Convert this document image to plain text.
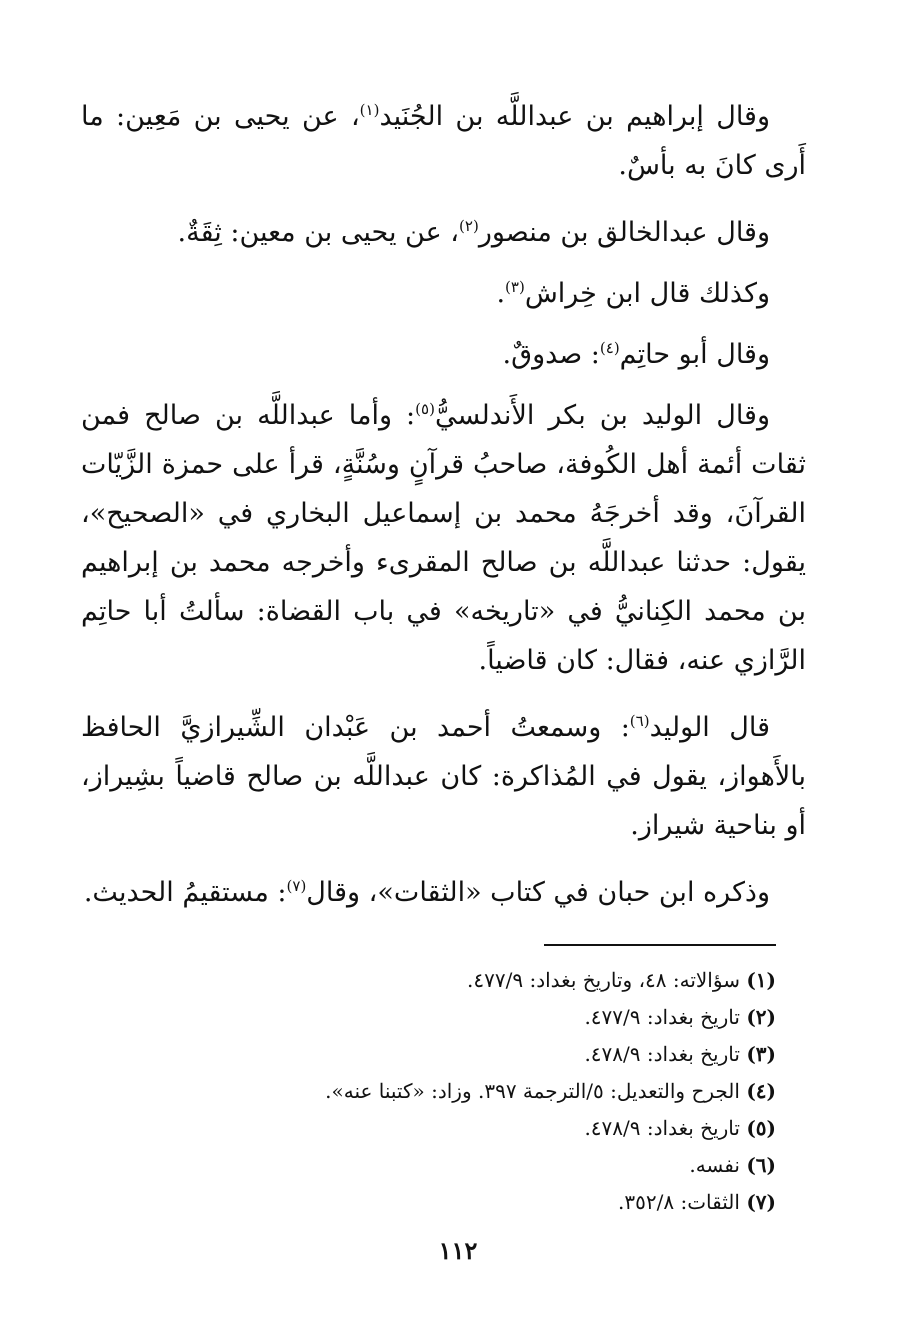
وقال إبراهيم بن عبداللَّه بن الجُنَيد$^{(١)}$، عن يحيى بن مَعِين: ما أَرى كانَ به بأسٌ.

وقال عبدالخالق بن منصور$^{(٢)}$، عن يحيى بن معين: ثِقَةٌ.

وكذلك قال ابن خِراش$^{(٣)}$.

وقال أبو حاتِم$^{(٤)}$: صدوقٌ.

وقال الوليد بن بكر الأَندلسيُّ$^{(٥)}$: وأما عبداللَّه بن صالح فمن ثقات أئمة أهل الكُوفة، صاحبُ قرآنٍ وسُنَّةٍ، قرأ على حمزة الزَّيّات القرآنَ، وقد أخرجَهُ محمد بن إسماعيل البخاري في «الصحيح»، يقول: حدثنا عبداللَّه بن صالح المقرىء وأخرجه محمد بن إبراهيم بن محمد الكِنانيُّ في «تاريخه» في باب القضاة: سألتُ أبا حاتِم الرَّازي عنه، فقال: كان قاضياً.

قال الوليد$^{(٦)}$: وسمعتُ أحمد بن عَبْدان الشِّيرازيَّ الحافظ بالأَهواز، يقول في المُذاكرة: كان عبداللَّه بن صالح قاضياً بشِيراز، أو بناحية شيراز.

وذكره ابن حبان في كتاب «الثقات»، وقال$^{(٧)}$: مستقيمُ الحديث.

(١) سؤالاته: ٤٨، وتاريخ بغداد: ٤٧٧/٩.
(٢) تاريخ بغداد: ٤٧٧/٩.
(٣) تاريخ بغداد: ٤٧٨/٩.
(٤) الجرح والتعديل: ٥/الترجمة ٣٩٧. وزاد: «كتبنا عنه».
(٥) تاريخ بغداد: ٤٧٨/٩.
(٦) نفسه.
(٧) الثقات: ٣٥٢/٨.
١١٢
